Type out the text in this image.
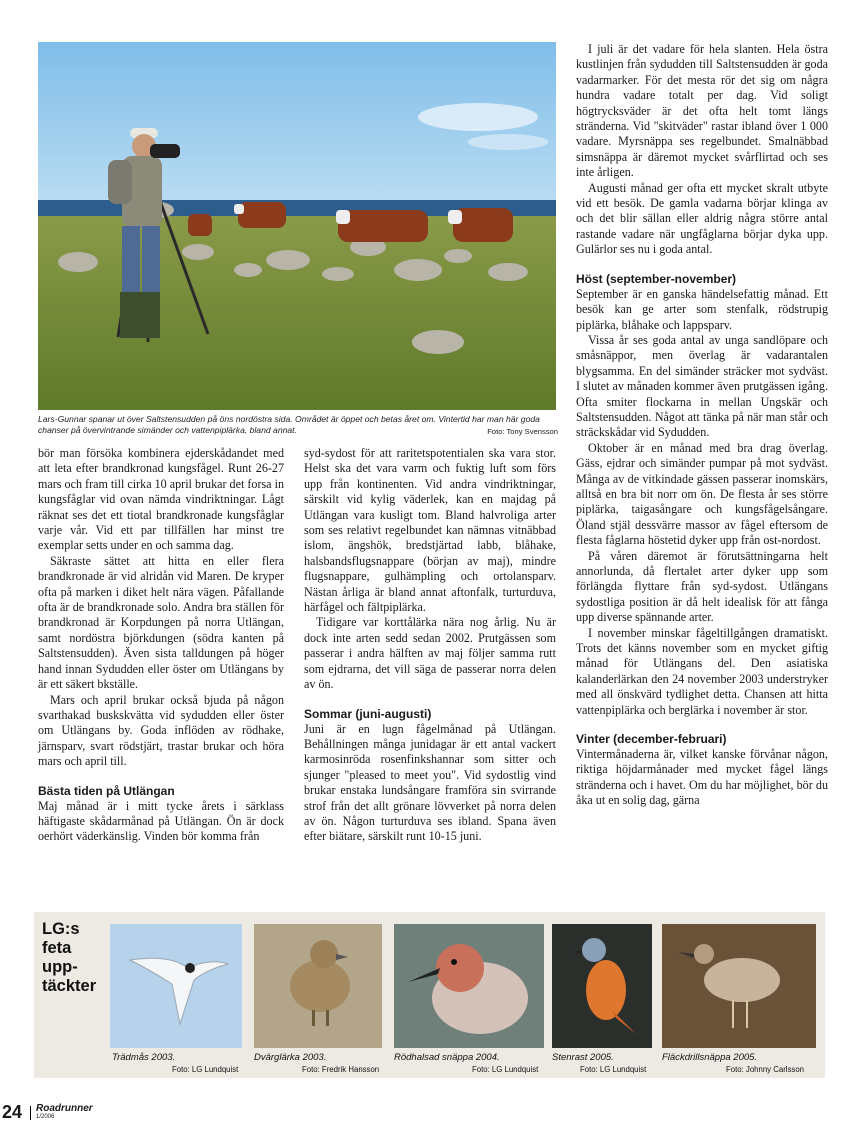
Lars-Gunnar spanar ut över Saltstensudden på öns nordöstra sida. Området är öppet och betas året om. Vintertid har man här goda chanser på övervintrande simänder och vattenpiplärka, bland annat.	Foto: Tony Svensson

bör man försöka kombinera ejderskådandet med att leta efter brandkronad kungsfågel. Runt 26-27 mars och fram till cirka 10 april brukar det forsa in kungsfåglar vid ovan nämda vindriktningar. Lågt räknat ses det ett tiotal brandkronade kungsfåglar varje vår. Vid ett par tillfällen har minst tre exemplar setts under en och samma dag.

Säkraste sättet att hitta en eller flera brandkronade är vid alridån vid Maren. De kryper ofta på marken i diket helt nära vägen. Påfallande ofta är de brandkronade solo. Andra bra ställen för brandkronad är Korpdungen på norra Utlängan, samt nordöstra björkdungen (södra kanten på Saltstensudden). Även sista talldungen på höger hand innan Sydudden eller öster om Utlängans by är ett säkert bkställe.

Mars och april brukar också bjuda på någon svarthakad buskskvätta vid sydudden eller öster om Utlängans by. Goda inflöden av rödhake, järnsparv, svart rödstjärt, trastar brukar och höra mars och april till.

Bästa tiden på Utlängan

Maj månad är i mitt tycke årets i särklass häftigaste skådarmånad på Utlängan. Ön är dock oerhört väderkänslig. Vinden bör komma från

syd-sydost för att raritetspotentialen ska vara stor. Helst ska det vara varm och fuktig luft som förs upp från kontinenten. Vid andra vindriktningar, särskilt vid kylig väderlek, kan en majdag på Utlängan vara kusligt tom. Bland halvroliga arter som ses relativt regelbundet kan nämnas vitnäbbad islom, ängshök, bredstjärtad labb, blåhake, halsbandsflugsnappare (början av maj), mindre flugsnappare, gulhämpling och ortolansparv. Nästan årliga är bland annat aftonfalk, turturduva, härfågel och fältpiplärka.

Tidigare var korttålärka nära nog årlig. Nu är dock inte arten sedd sedan 2002. Prutgässen som passerar i andra hälften av maj följer samma rutt som ejdrarna, det vill säga de passerar norra delen av ön.

Sommar (juni-augusti)

Juni är en lugn fågelmånad på Utlängan. Behållningen många junidagar är ett antal vackert karmosinröda rosenfinkshannar som sitter och sjunger "pleased to meet you". Vid sydostlig vind brukar enstaka lundsångare framföra sin svirrande strof från det allt grönare lövverket på norra delen av ön. Någon turturduva ses ibland. Spana även efter biätare, särskilt runt 10-15 juni.

I juli är det vadare för hela slanten. Hela östra kustlinjen från sydudden till Saltstensudden är goda vadarmarker. För det mesta rör det sig om några hundra vadare totalt per dag. Vid soligt högtrycksväder är det ofta helt tomt längs stränderna. Vid "skitväder" rastar ibland över 1 000 vadare. Myrsnäppa ses regelbundet. Smalnäbbad simsnäppa är däremot mycket svårflirtad och ses inte årligen.

Augusti månad ger ofta ett mycket skralt utbyte vid ett besök. De gamla vadarna börjar klinga av och det blir sällan eller aldrig några större antal rastande vadare när ungfåglarna börjar dyka upp. Gulärlor ses nu i goda antal.

Höst (september-november)

September är en ganska händelsefattig månad. Ett besök kan ge arter som stenfalk, rödstrupig piplärka, blåhake och lappsparv.

Vissa år ses goda antal av unga sandlöpare och småsnäppor, men överlag är vadarantalen blygsamma. En del simänder sträcker mot sydväst. I slutet av månaden kommer även prutgässen igång. Ofta smiter flockarna in mellan Ungskär och Saltstensudden. Något att tänka på när man står och sträckskådar vid Sydudden.

Oktober är en månad med bra drag överlag. Gäss, ejdrar och simänder pumpar på mot sydväst. Många av de vitkindade gässen passerar inomskärs, alltså en bra bit norr om ön. De flesta år ses större piplärka, taigasångare och kungsfågelsångare. Öland stjäl dessvärre massor av fågel eftersom de flesta fåglarna höstetid dyker upp från ost-nordost.

På våren däremot är förutsättningarna helt annorlunda, då flertalet arter dyker upp som förlängda flyttare från syd-sydost. Utlängans sydostliga position är då helt idealisk för att fånga upp diverse spännande arter.

I november minskar fågeltillgången dramatiskt. Trots det känns november som en mycket giftig månad för Utlängans del. Den asiatiska kalanderlärkan den 24 november 2003 understryker med all önskvärd tydlighet detta. Chansen att hitta vattenpiplärka och berglärka i november är stor.

Vinter (december-februari)

Vintermånaderna är, vilket kanske förvånar någon, riktiga höjdarmånader med mycket fågel längs stränderna och i havet. Om du har möjlighet, bör du åka ut en solig dag, gärna

LG:s
feta
upp-
täckter
Trädmås 2003.
Foto: LG Lundquist
Dvärglärka 2003.
Foto: Fredrik Hansson
Rödhalsad snäppa 2004.
Foto: LG Lundquist
Stenrast 2005.
Foto: LG Lundquist
Fläckdrillsnäppa 2005.
Foto: Johnny Carlsson
24 Roadrunner
1/2006
